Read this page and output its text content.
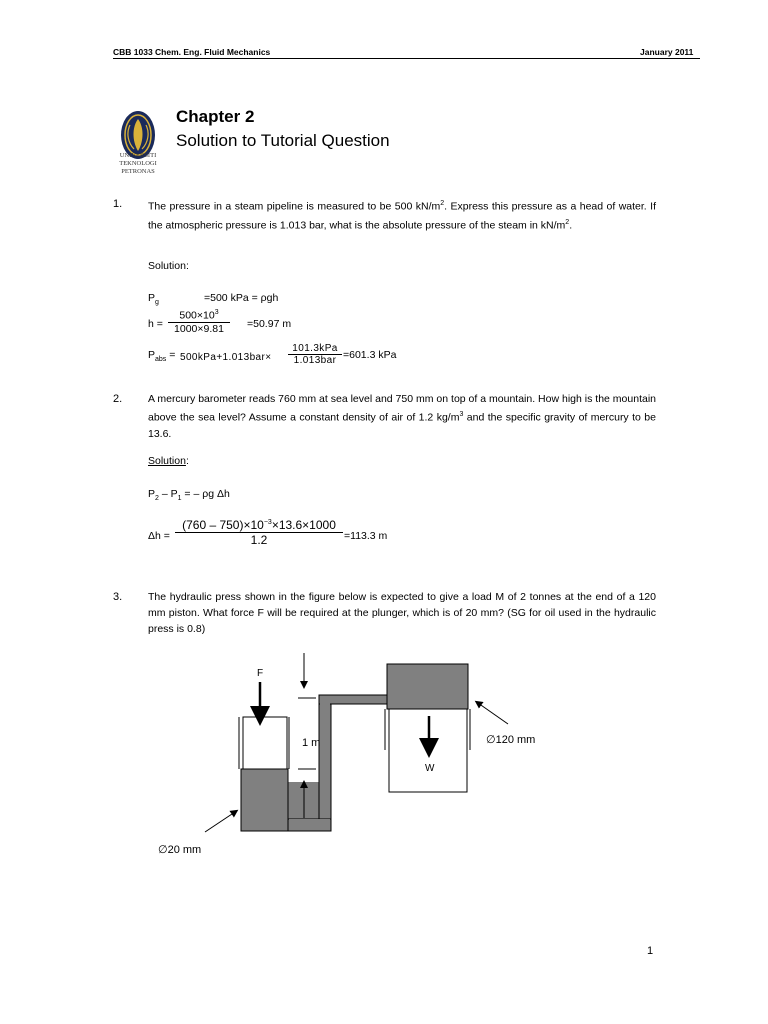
CBB 1033 Chem. Eng. Fluid Mechanics	January 2011
UNIVERSITI
TEKNOLOGI
PETRONAS
Chapter 2
Solution to Tutorial Question
1. The pressure in a steam pipeline is measured to be 500 $kN/m^2$. Express this pressure as a head of water. If the atmospheric pressure is 1.013 bar, what is the absolute pressure of the steam in $kN/m^2$.
Solution:
$P_g$	=500 kPa = ρgh
$h = \frac{500\times 10^3}{1000\times 9.81} =50.97$ m
$P_{abs} = 500kPa+1.013bar\times$
101.3kPa
1.013bar =601.3 kPa
2. A mercury barometer reads 760 mm at sea level and 750 mm on top of a mountain. How high is the mountain above the sea level? Assume a constant density of air of 1.2 $kg/m^3$ and the specific gravity of mercury to be 13.6.
Solution:
$P_2 - P_1$ = – ρg Δh
$\Delta h = \frac{(760 - 750)\times 10^{-3}\times 13.6\times 1000}{1.2} =113.3$ m
3. The hydraulic press shown in the figure below is expected to give a load M of 2 tonnes at the end of a 120 mm piston. What force F will be required at the plunger, which is of 20 mm? (SG for oil used in the hydraulic press is 0.8)
F
1 m
W
∅120 mm
∅20 mm
1
